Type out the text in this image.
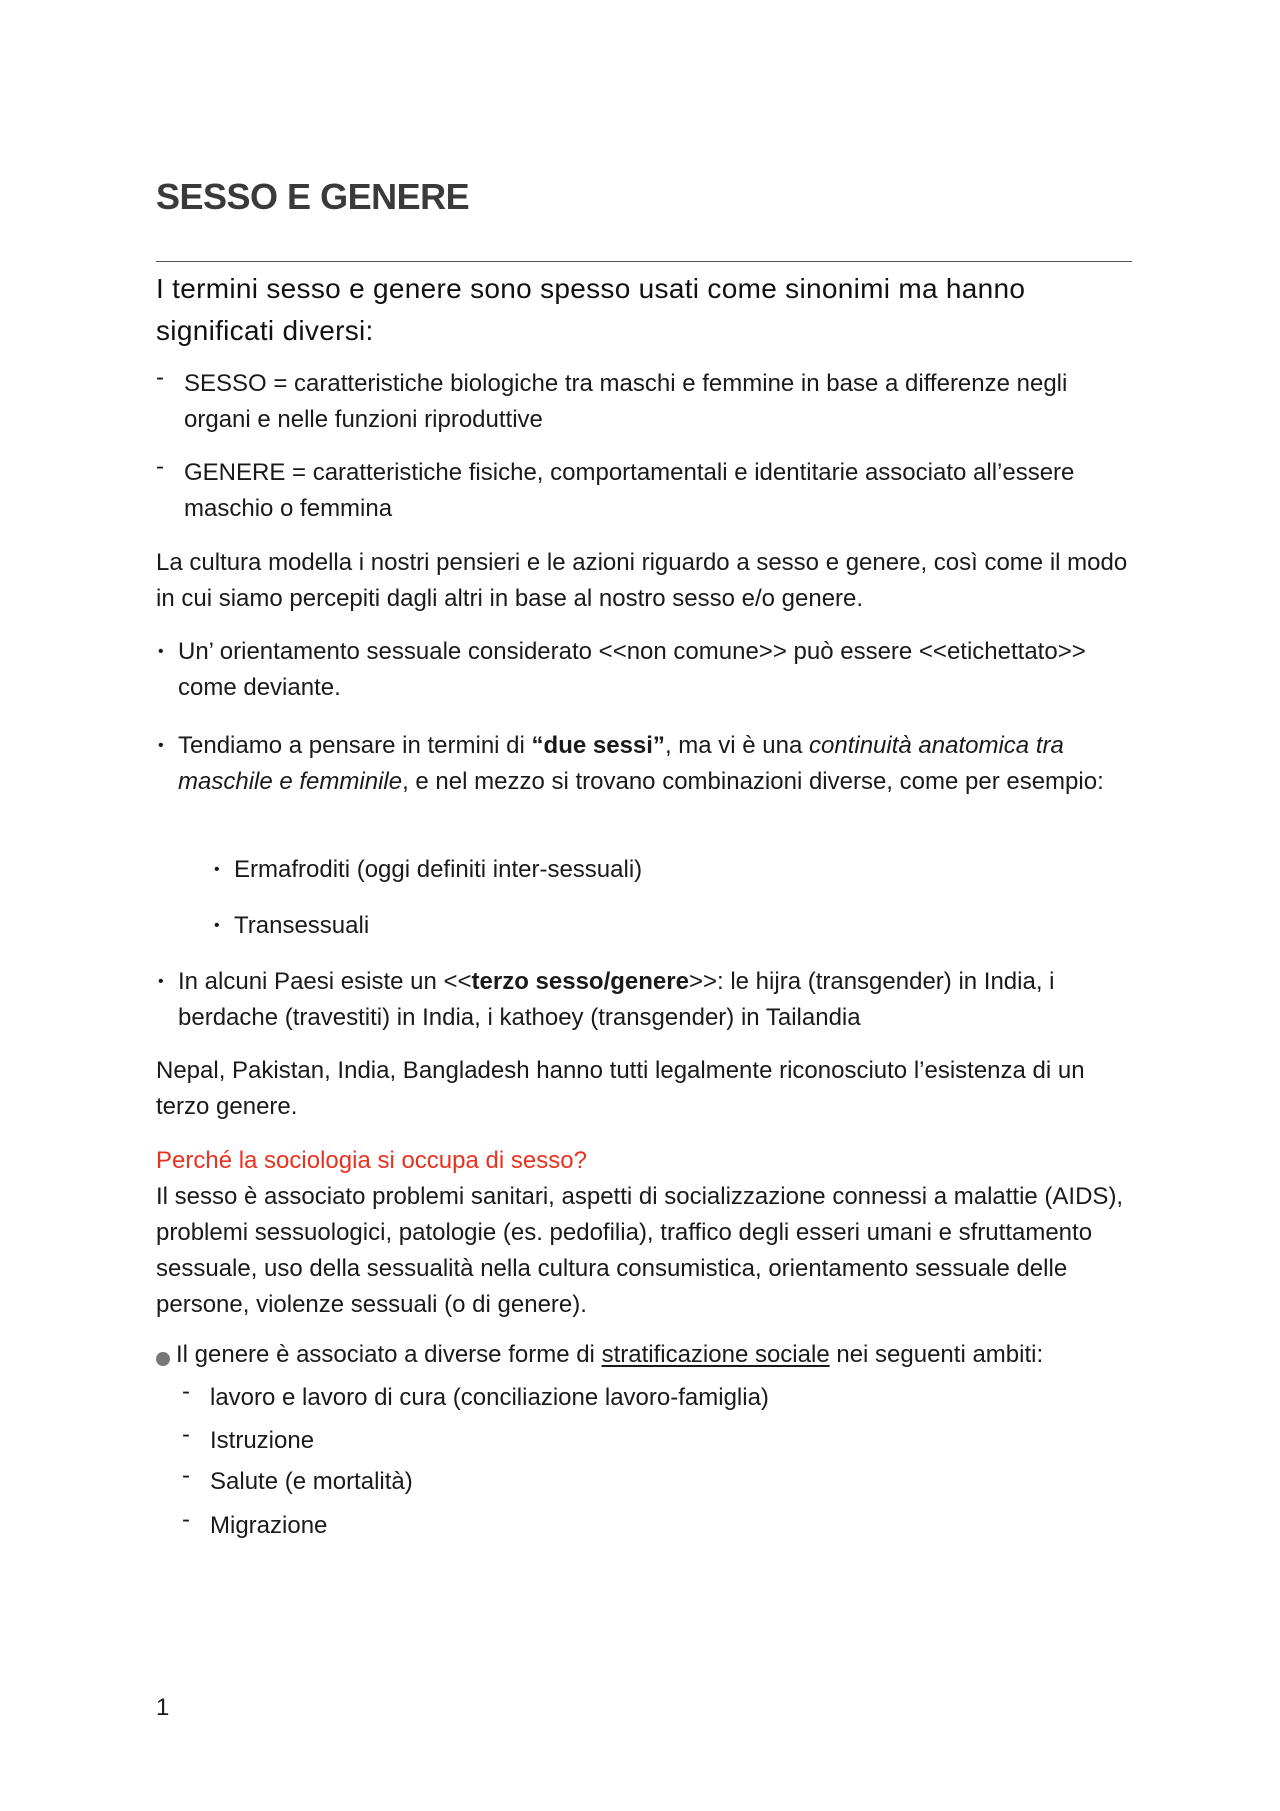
SESSO E GENERE

I termini sesso e genere sono spesso usati come sinonimi ma hanno significati diversi:

- SESSO = caratteristiche biologiche tra maschi e femmine in base a differenze negli organi e nelle funzioni riproduttive
- GENERE = caratteristiche fisiche, comportamentali e identitarie associato all’essere maschio o femmina

La cultura modella i nostri pensieri e le azioni riguardo a sesso e genere, così come il modo in cui siamo percepiti dagli altri in base al nostro sesso e/o genere.

• Un’ orientamento sessuale considerato <<non comune>> può essere <<etichettato>> come deviante.
• Tendiamo a pensare in termini di “due sessi”, ma vi è una continuità anatomica tra maschile e femminile, e nel mezzo si trovano combinazioni diverse, come per esempio:
• Ermafroditi (oggi definiti inter-sessuali)
• Transessuali
• In alcuni Paesi esiste un <<terzo sesso/genere>>: le hijra (transgender) in India, i berdache (travestiti) in India, i kathoey (transgender) in Tailandia

Nepal, Pakistan, India, Bangladesh hanno tutti legalmente riconosciuto l’esistenza di un terzo genere.

Perché la sociologia si occupa di sesso?

Il sesso è associato problemi sanitari, aspetti di socializzazione connessi a malattie (AIDS), problemi sessuologici, patologie (es. pedofilia), traffico degli esseri umani e sfruttamento sessuale, uso della sessualità nella cultura consumistica, orientamento sessuale delle persone, violenze sessuali (o di genere).

Il genere è associato a diverse forme di stratificazione sociale nei seguenti ambiti:
- lavoro e lavoro di cura (conciliazione lavoro-famiglia)
- Istruzione
- Salute (e mortalità)
- Migrazione
1
